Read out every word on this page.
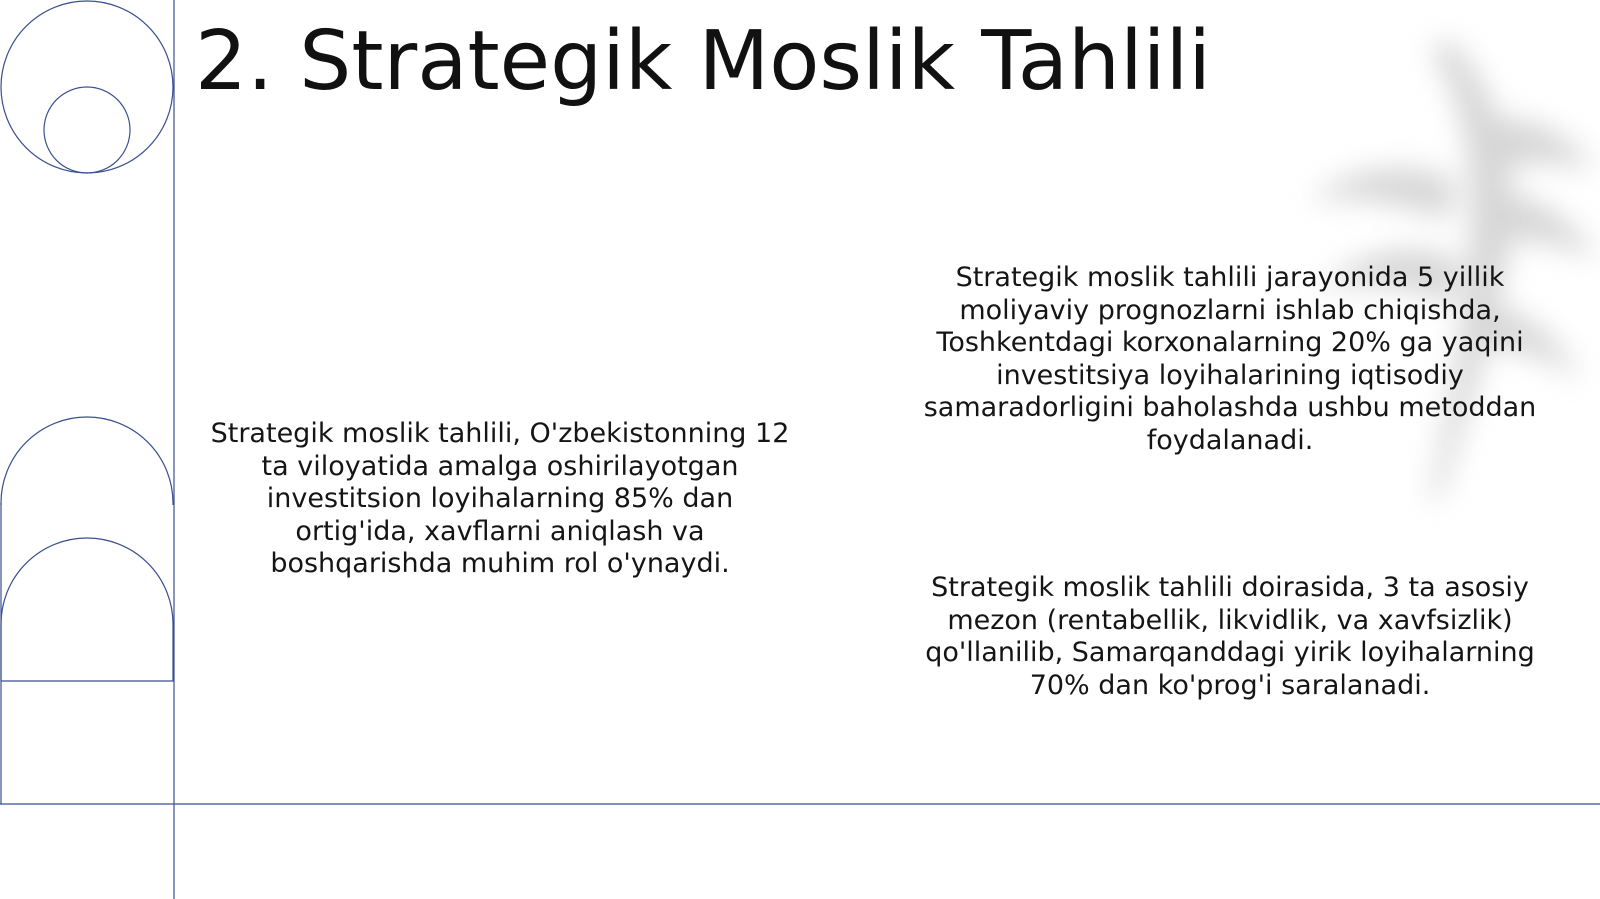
2. Strategik Moslik Tahlili

Strategik moslik tahlili, O'zbekistonning 12 ta viloyatida amalga oshirilayotgan investitsion loyihalarning 85% dan ortig'ida, xavflarni aniqlash va boshqarishda muhim rol o'ynaydi.

Strategik moslik tahlili jarayonida 5 yillik moliyaviy prognozlarni ishlab chiqishda, Toshkentdagi korxonalarning 20% ga yaqini investitsiya loyihalarining iqtisodiy samaradorligini baholashda ushbu metoddan foydalanadi.

Strategik moslik tahlili doirasida, 3 ta asosiy mezon (rentabellik, likvidlik, va xavfsizlik) qo'llanilib, Samarqanddagi yirik loyihalarning 70% dan ko'prog'i saralanadi.
